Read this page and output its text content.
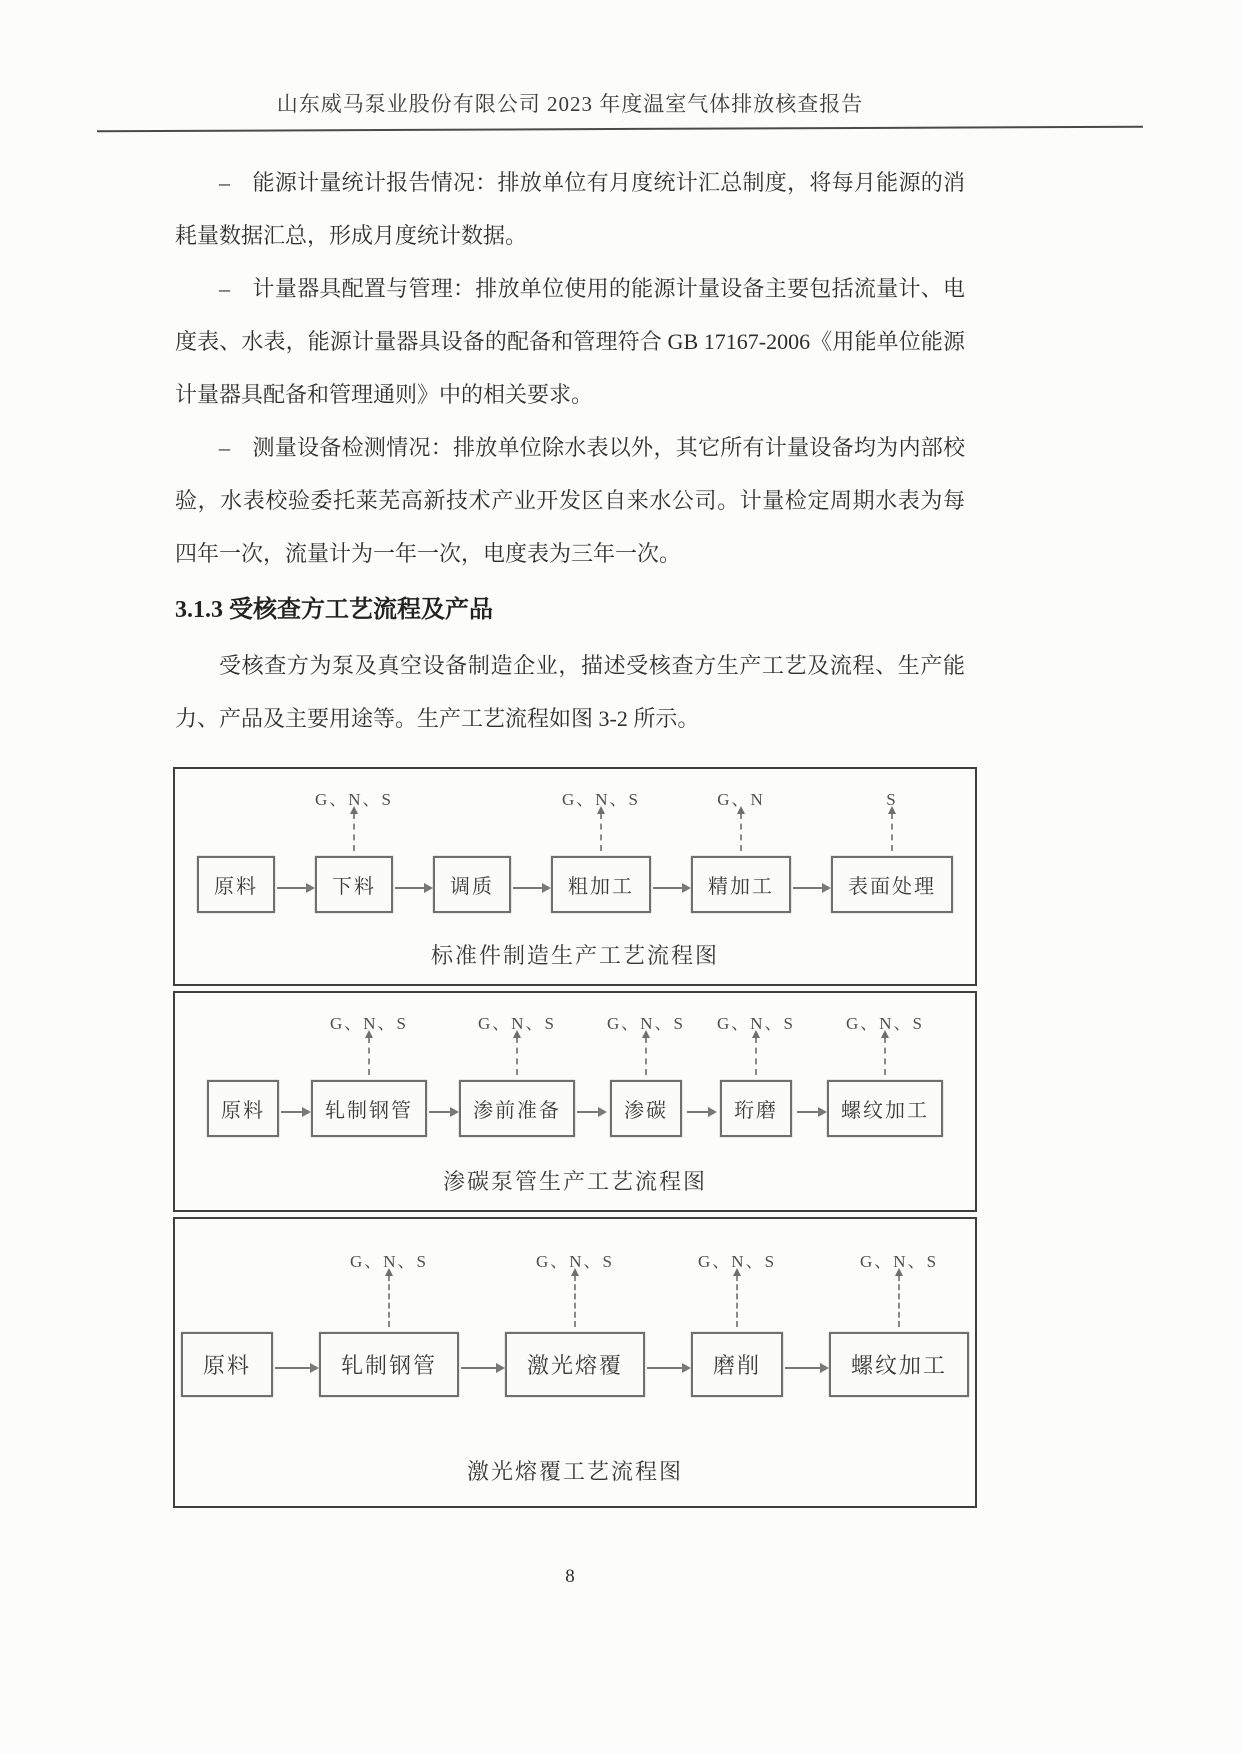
山东威马泵业股份有限公司 2023 年度温室气体排放核查报告

–　能源计量统计报告情况：排放单位有月度统计汇总制度，将每月能源的消耗量数据汇总，形成月度统计数据。

–　计量器具配置与管理：排放单位使用的能源计量设备主要包括流量计、电度表、水表，能源计量器具设备的配备和管理符合 GB 17167-2006《用能单位能源计量器具配备和管理通则》中的相关要求。

–　测量设备检测情况：排放单位除水表以外，其它所有计量设备均为内部校验，水表校验委托莱芜高新技术产业开发区自来水公司。计量检定周期水表为每四年一次，流量计为一年一次，电度表为三年一次。

3.1.3 受核查方工艺流程及产品

受核查方为泵及真空设备制造企业，描述受核查方生产工艺及流程、生产能力、产品及主要用途等。生产工艺流程如图 3-2 所示。

原料
G、N、S
下料	调质
G、N、S
粗加工
G、N
精加工
S
表面处理
标准件制造生产工艺流程图
原料
G、N、S
轧制钢管
G、N、S
渗前准备
G、N、S
渗碳
G、N、S
珩磨
G、N、S
螺纹加工
渗碳泵管生产工艺流程图
原料
G、N、S
轧制钢管
G、N、S
激光熔覆
G、N、S
磨削
G、N、S
螺纹加工
激光熔覆工艺流程图
8
